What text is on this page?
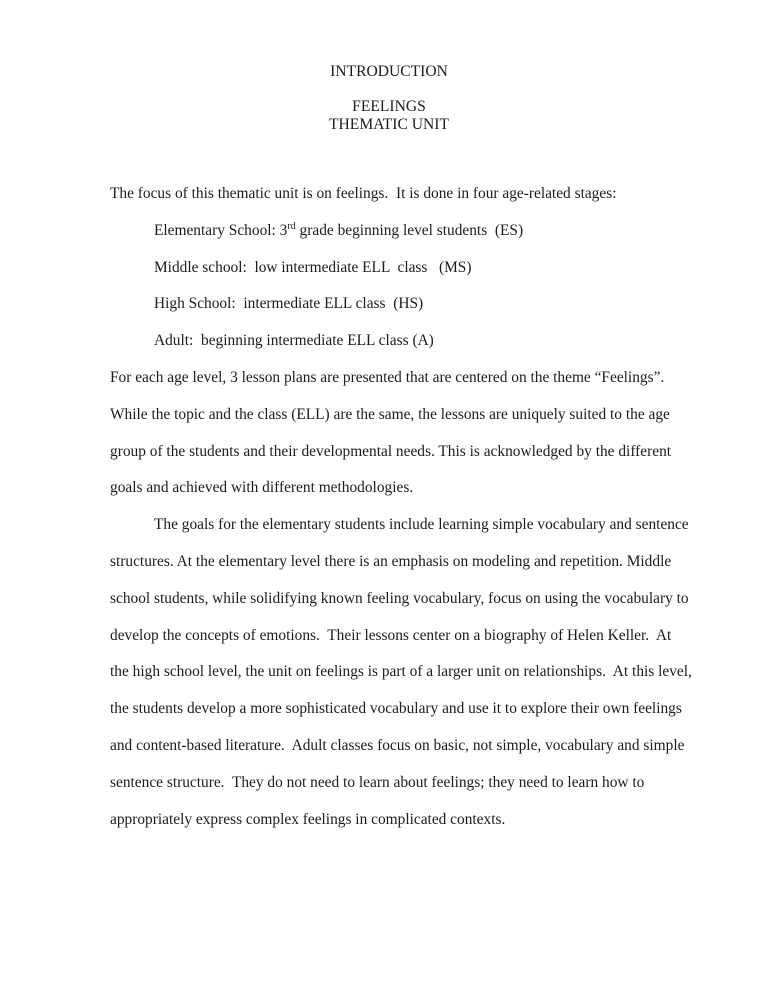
INTRODUCTION
FEELINGS
THEMATIC UNIT

The focus of this thematic unit is on feelings.  It is done in four age-related stages:

Elementary School: 3rd grade beginning level students  (ES)

Middle school:  low intermediate ELL  class   (MS)

High School:  intermediate ELL class  (HS)

Adult:  beginning intermediate ELL class (A)

For each age level, 3 lesson plans are presented that are centered on the theme “Feelings”. While the topic and the class (ELL) are the same, the lessons are uniquely suited to the age group of the students and their developmental needs. This is acknowledged by the different goals and achieved with different methodologies.

The goals for the elementary students include learning simple vocabulary and sentence structures. At the elementary level there is an emphasis on modeling and repetition. Middle school students, while solidifying known feeling vocabulary, focus on using the vocabulary to develop the concepts of emotions.  Their lessons center on a biography of Helen Keller.  At the high school level, the unit on feelings is part of a larger unit on relationships.  At this level, the students develop a more sophisticated vocabulary and use it to explore their own feelings and content-based literature.  Adult classes focus on basic, not simple, vocabulary and simple sentence structure.  They do not need to learn about feelings; they need to learn how to appropriately express complex feelings in complicated contexts.
